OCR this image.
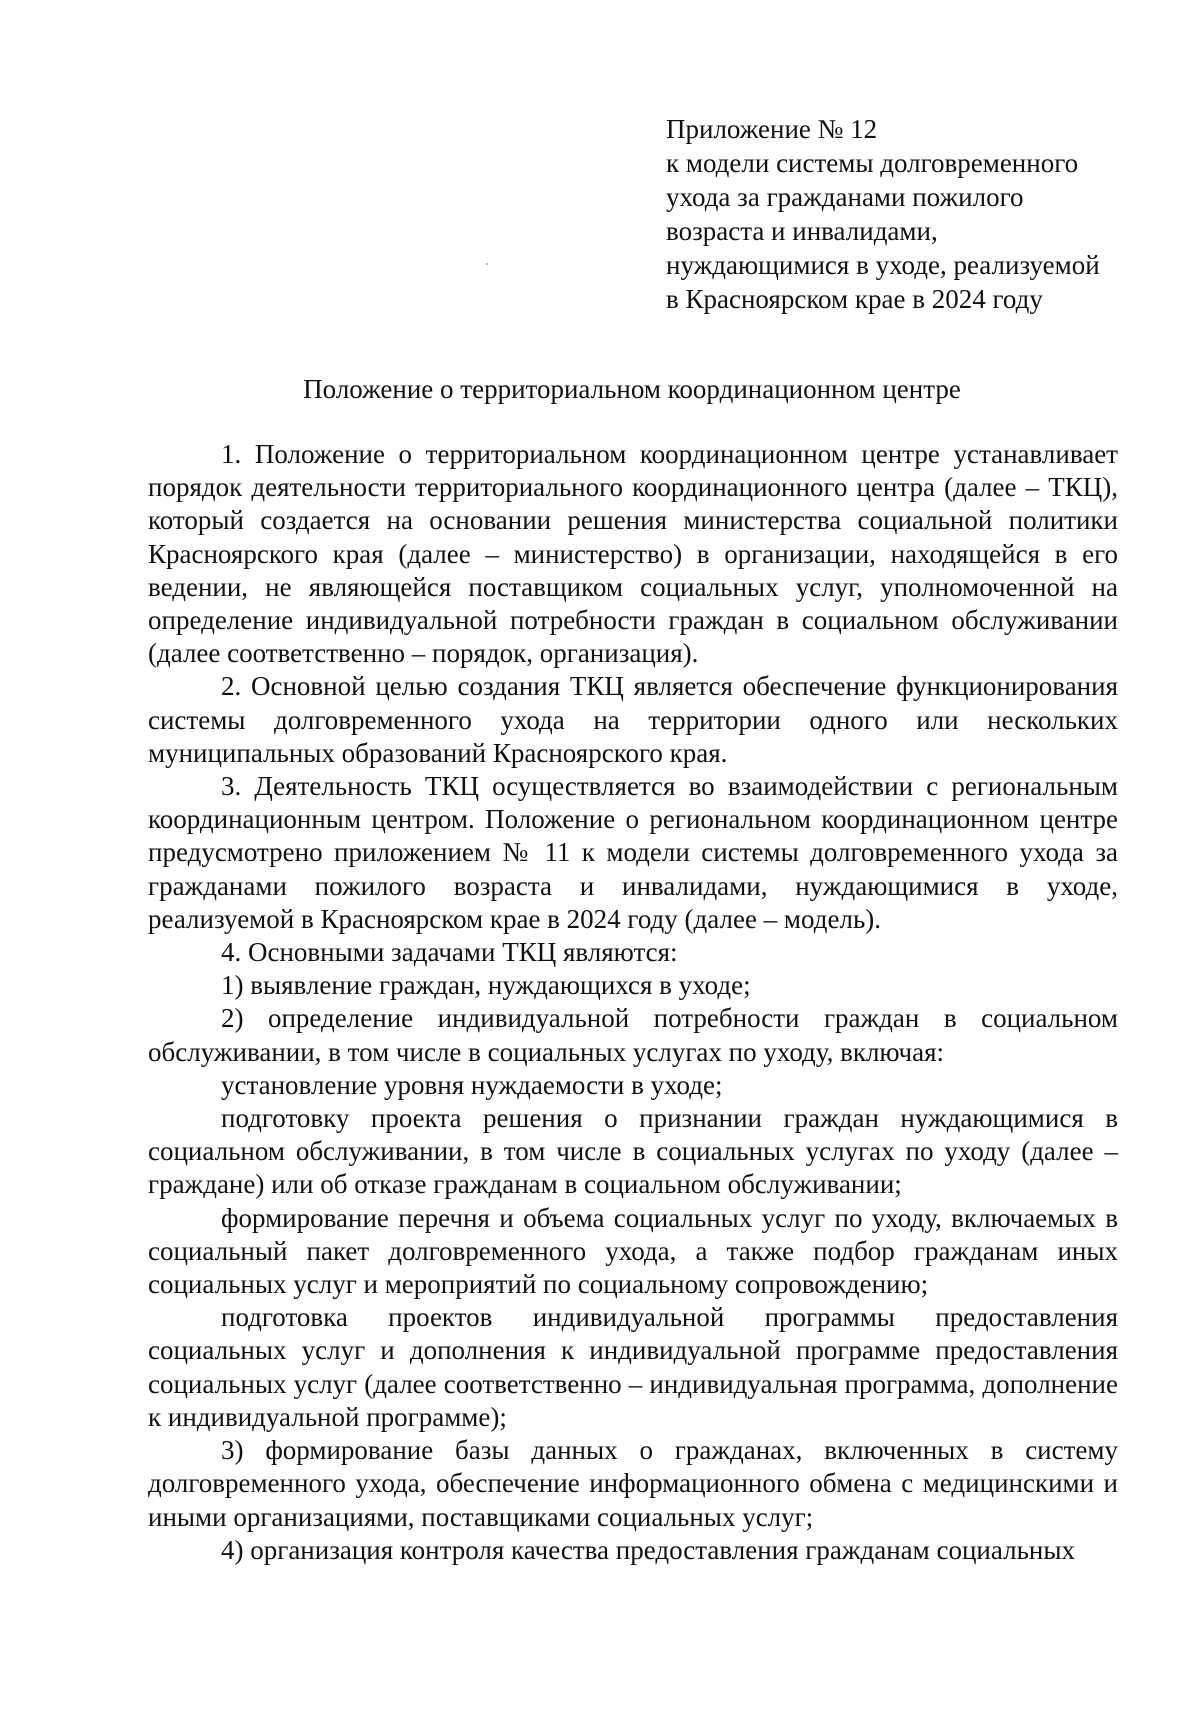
Приложение № 12
к модели системы долговременного
ухода за гражданами пожилого
возраста и инвалидами,
нуждающимися в уходе, реализуемой
в Красноярском крае в 2024 году
Положение о территориальном координационном центре

1. Положение о территориальном координационном центре устанавливает порядок деятельности территориального координационного центра (далее – ТКЦ), который создается на основании решения министерства социальной политики Красноярского края (далее – министерство) в организации, находящейся в его ведении, не являющейся поставщиком социальных услуг, уполномоченной на определение индивидуальной потребности граждан в социальном обслуживании (далее соответственно – порядок, организация).

2. Основной целью создания ТКЦ является обеспечение функционирования системы долговременного ухода на территории одного или нескольких муниципальных образований Красноярского края.

3. Деятельность ТКЦ осуществляется во взаимодействии с региональным координационным центром. Положение о региональном координационном центре предусмотрено приложением № 11 к модели системы долговременного ухода за гражданами пожилого возраста и инвалидами, нуждающимися в уходе, реализуемой в Красноярском крае в 2024 году (далее – модель).

4. Основными задачами ТКЦ являются:

1) выявление граждан, нуждающихся в уходе;

2) определение индивидуальной потребности граждан в социальном обслуживании, в том числе в социальных услугах по уходу, включая:

установление уровня нуждаемости в уходе;

подготовку проекта решения о признании граждан нуждающимися в социальном обслуживании, в том числе в социальных услугах по уходу (далее – граждане) или об отказе гражданам в социальном обслуживании;

формирование перечня и объема социальных услуг по уходу, включаемых в социальный пакет долговременного ухода, а также подбор гражданам иных социальных услуг и мероприятий по социальному сопровождению;

подготовка проектов индивидуальной программы предоставления социальных услуг и дополнения к индивидуальной программе предоставления социальных услуг (далее соответственно – индивидуальная программа, дополнение к индивидуальной программе);

3) формирование базы данных о гражданах, включенных в систему долговременного ухода, обеспечение информационного обмена с медицинскими и иными организациями, поставщиками социальных услуг;

4) организация контроля качества предоставления гражданам социальных
